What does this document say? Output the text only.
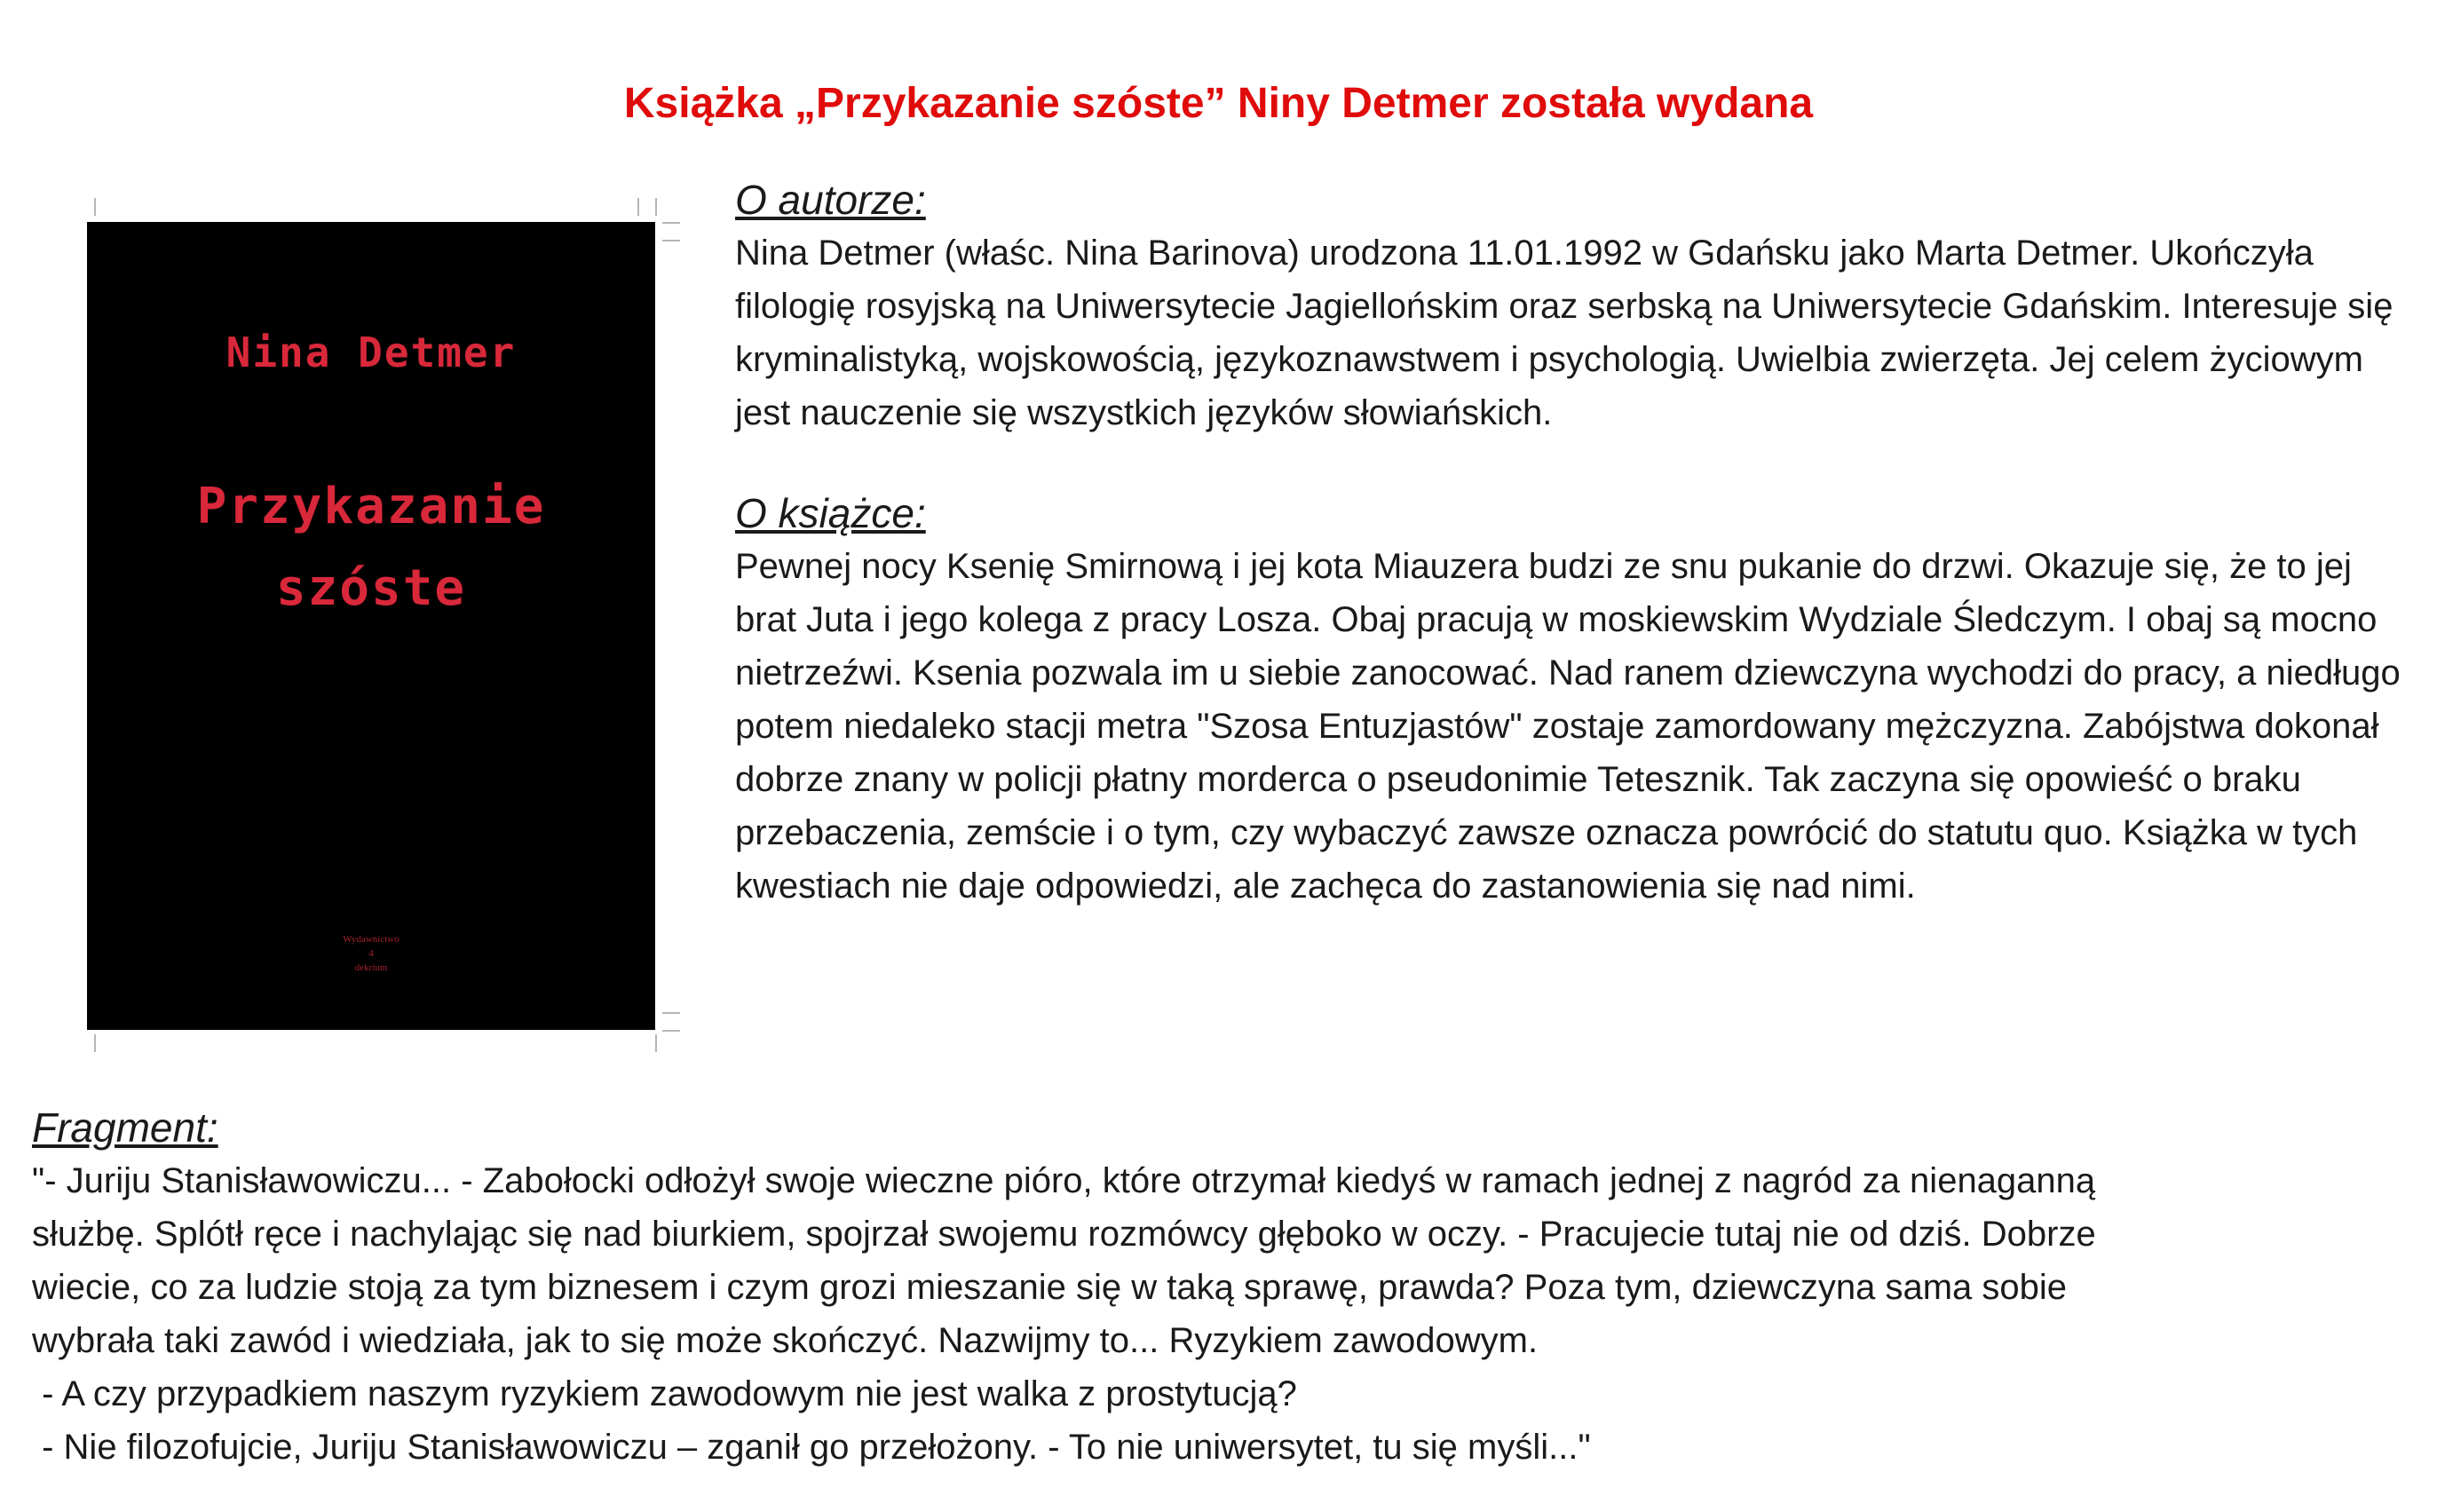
Książka „Przykazanie szóste” Niny Detmer została wydana
Nina Detmer
Przykazanie
szóste
Wydawnictwo
4
dekrium
O autorze:

Nina Detmer (właśc. Nina Barinova) urodzona 11.01.1992 w Gdańsku jako Marta Detmer. Ukończyła filologię rosyjską na Uniwersytecie Jagiellońskim oraz serbską na Uniwersytecie Gdańskim. Interesuje się kryminalistyką, wojskowością, językoznawstwem i psychologią. Uwielbia zwierzęta. Jej celem życiowym jest nauczenie się wszystkich języków słowiańskich.

O książce:

Pewnej nocy Ksenię Smirnową i jej kota Miauzera budzi ze snu pukanie do drzwi. Okazuje się, że to jej brat Juta i jego kolega z pracy Losza. Obaj pracują w moskiewskim Wydziale Śledczym. I obaj są mocno nietrzeźwi. Ksenia pozwala im u siebie zanocować. Nad ranem dziewczyna wychodzi do pracy, a niedługo potem niedaleko stacji metra "Szosa Entuzjastów" zostaje zamordowany mężczyzna. Zabójstwa dokonał dobrze znany w policji płatny morderca o pseudonimie Tetesznik. Tak zaczyna się opowieść o braku przebaczenia, zemście i o tym, czy wybaczyć zawsze oznacza powrócić do statutu quo. Książka w tych kwestiach nie daje odpowiedzi, ale zachęca do zastanowienia się nad nimi.

Fragment:
"- Juriju Stanisławowiczu... - Zabołocki odłożył swoje wieczne pióro, które otrzymał kiedyś w ramach jednej z nagród za nienaganną
służbę. Splótł ręce i nachylając się nad biurkiem, spojrzał swojemu rozmówcy głęboko w oczy. - Pracujecie tutaj nie od dziś. Dobrze
wiecie, co za ludzie stoją za tym biznesem i czym grozi mieszanie się w taką sprawę, prawda? Poza tym, dziewczyna sama sobie
wybrała taki zawód i wiedziała, jak to się może skończyć. Nazwijmy to... Ryzykiem zawodowym.
- A czy przypadkiem naszym ryzykiem zawodowym nie jest walka z prostytucją?
- Nie filozofujcie, Juriju Stanisławowiczu – zganił go przełożony. - To nie uniwersytet, tu się myśli..."
